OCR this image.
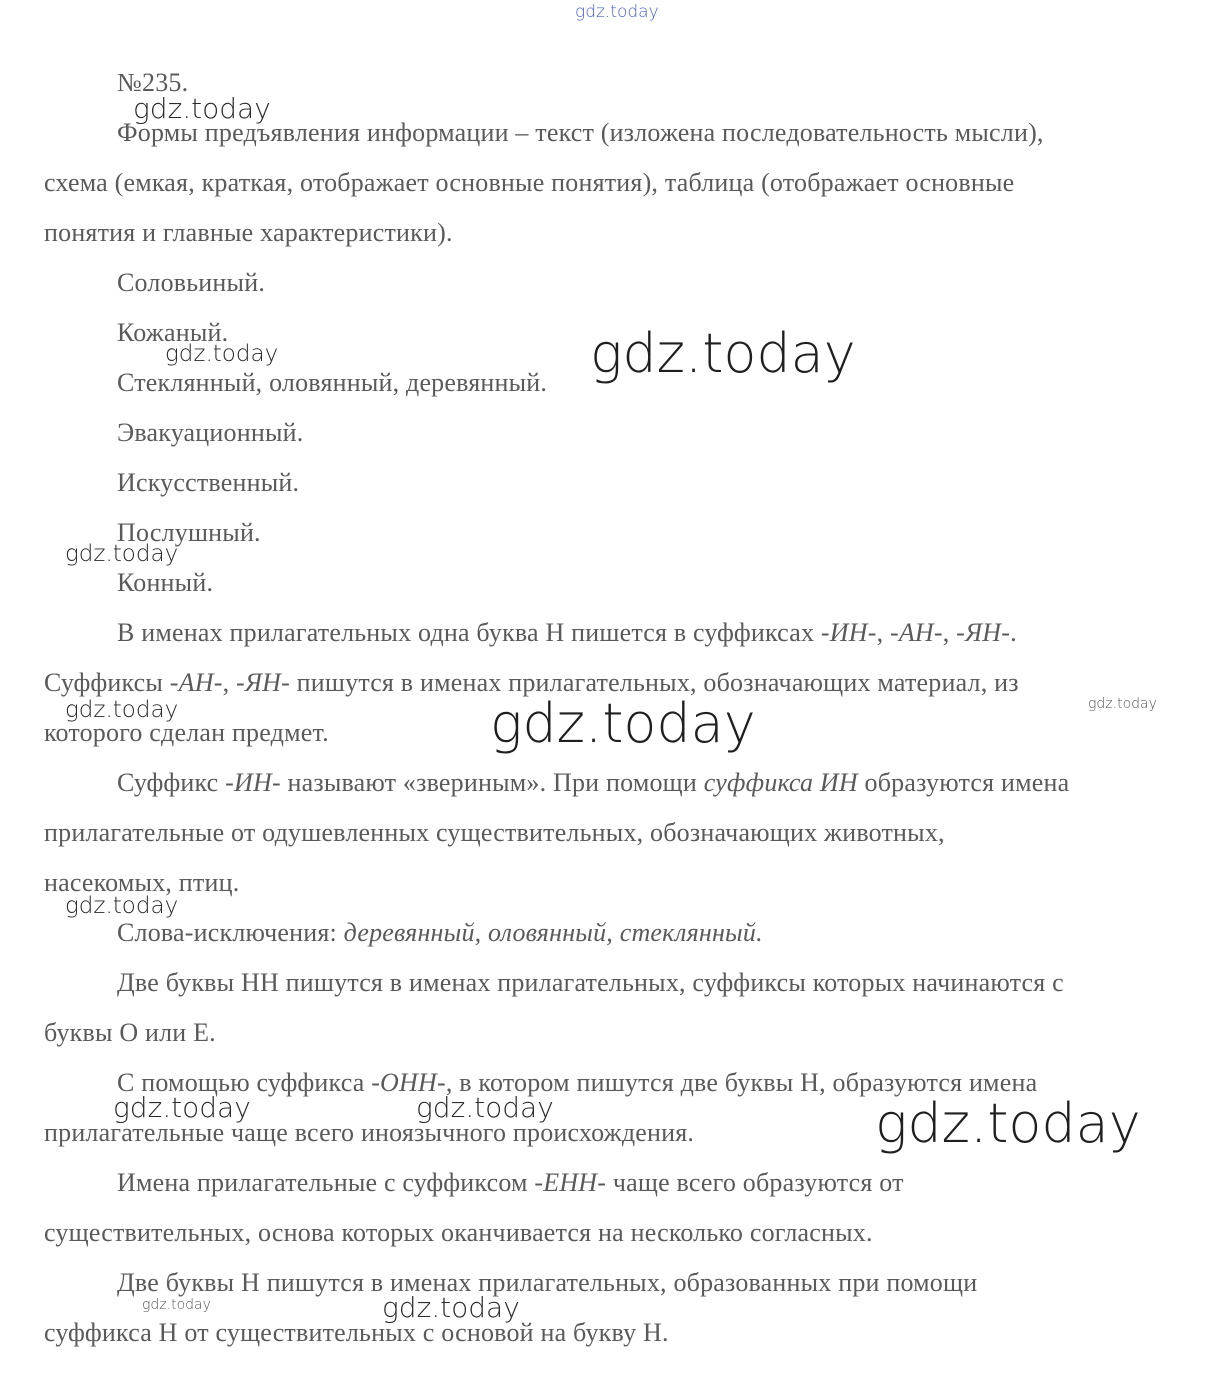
№235.
Формы предъявления информации – текст (изложена последовательность мысли),
схема (емкая, краткая, отображает основные понятия), таблица (отображает основные
понятия и главные характеристики).
Соловьиный.
Кожаный.
Стеклянный, оловянный, деревянный.
Эвакуационный.
Искусственный.
Послушный.
Конный.
В именах прилагательных одна буква Н пишется в суффиксах -ИН-, -АН-, -ЯН-.
Суффиксы -АН-, -ЯН- пишутся в именах прилагательных, обозначающих материал, из
которого сделан предмет.
Суффикс -ИН- называют «звериным». При помощи суффикса ИН образуются имена
прилагательные от одушевленных существительных, обозначающих животных,
насекомых, птиц.
Слова-исключения: деревянный, оловянный, стеклянный.
Две буквы НН пишутся в именах прилагательных, суффиксы которых начинаются с
буквы О или Е.
С помощью суффикса -ОНН-, в котором пишутся две буквы Н, образуются имена
прилагательные чаще всего иноязычного происхождения.
Имена прилагательные с суффиксом -ЕНН- чаще всего образуются от
существительных, основа которых оканчивается на несколько согласных.
Две буквы Н пишутся в именах прилагательных, образованных при помощи
суффикса Н от существительных с основой на букву Н.
gdz.today
gdz.today
gdz.today	gdz.today
gdz.today
gdz.today	gdz.today
gdz.today
gdz.today
gdz.today	gdz.today	gdz.today
gdz.today	gdz.today
